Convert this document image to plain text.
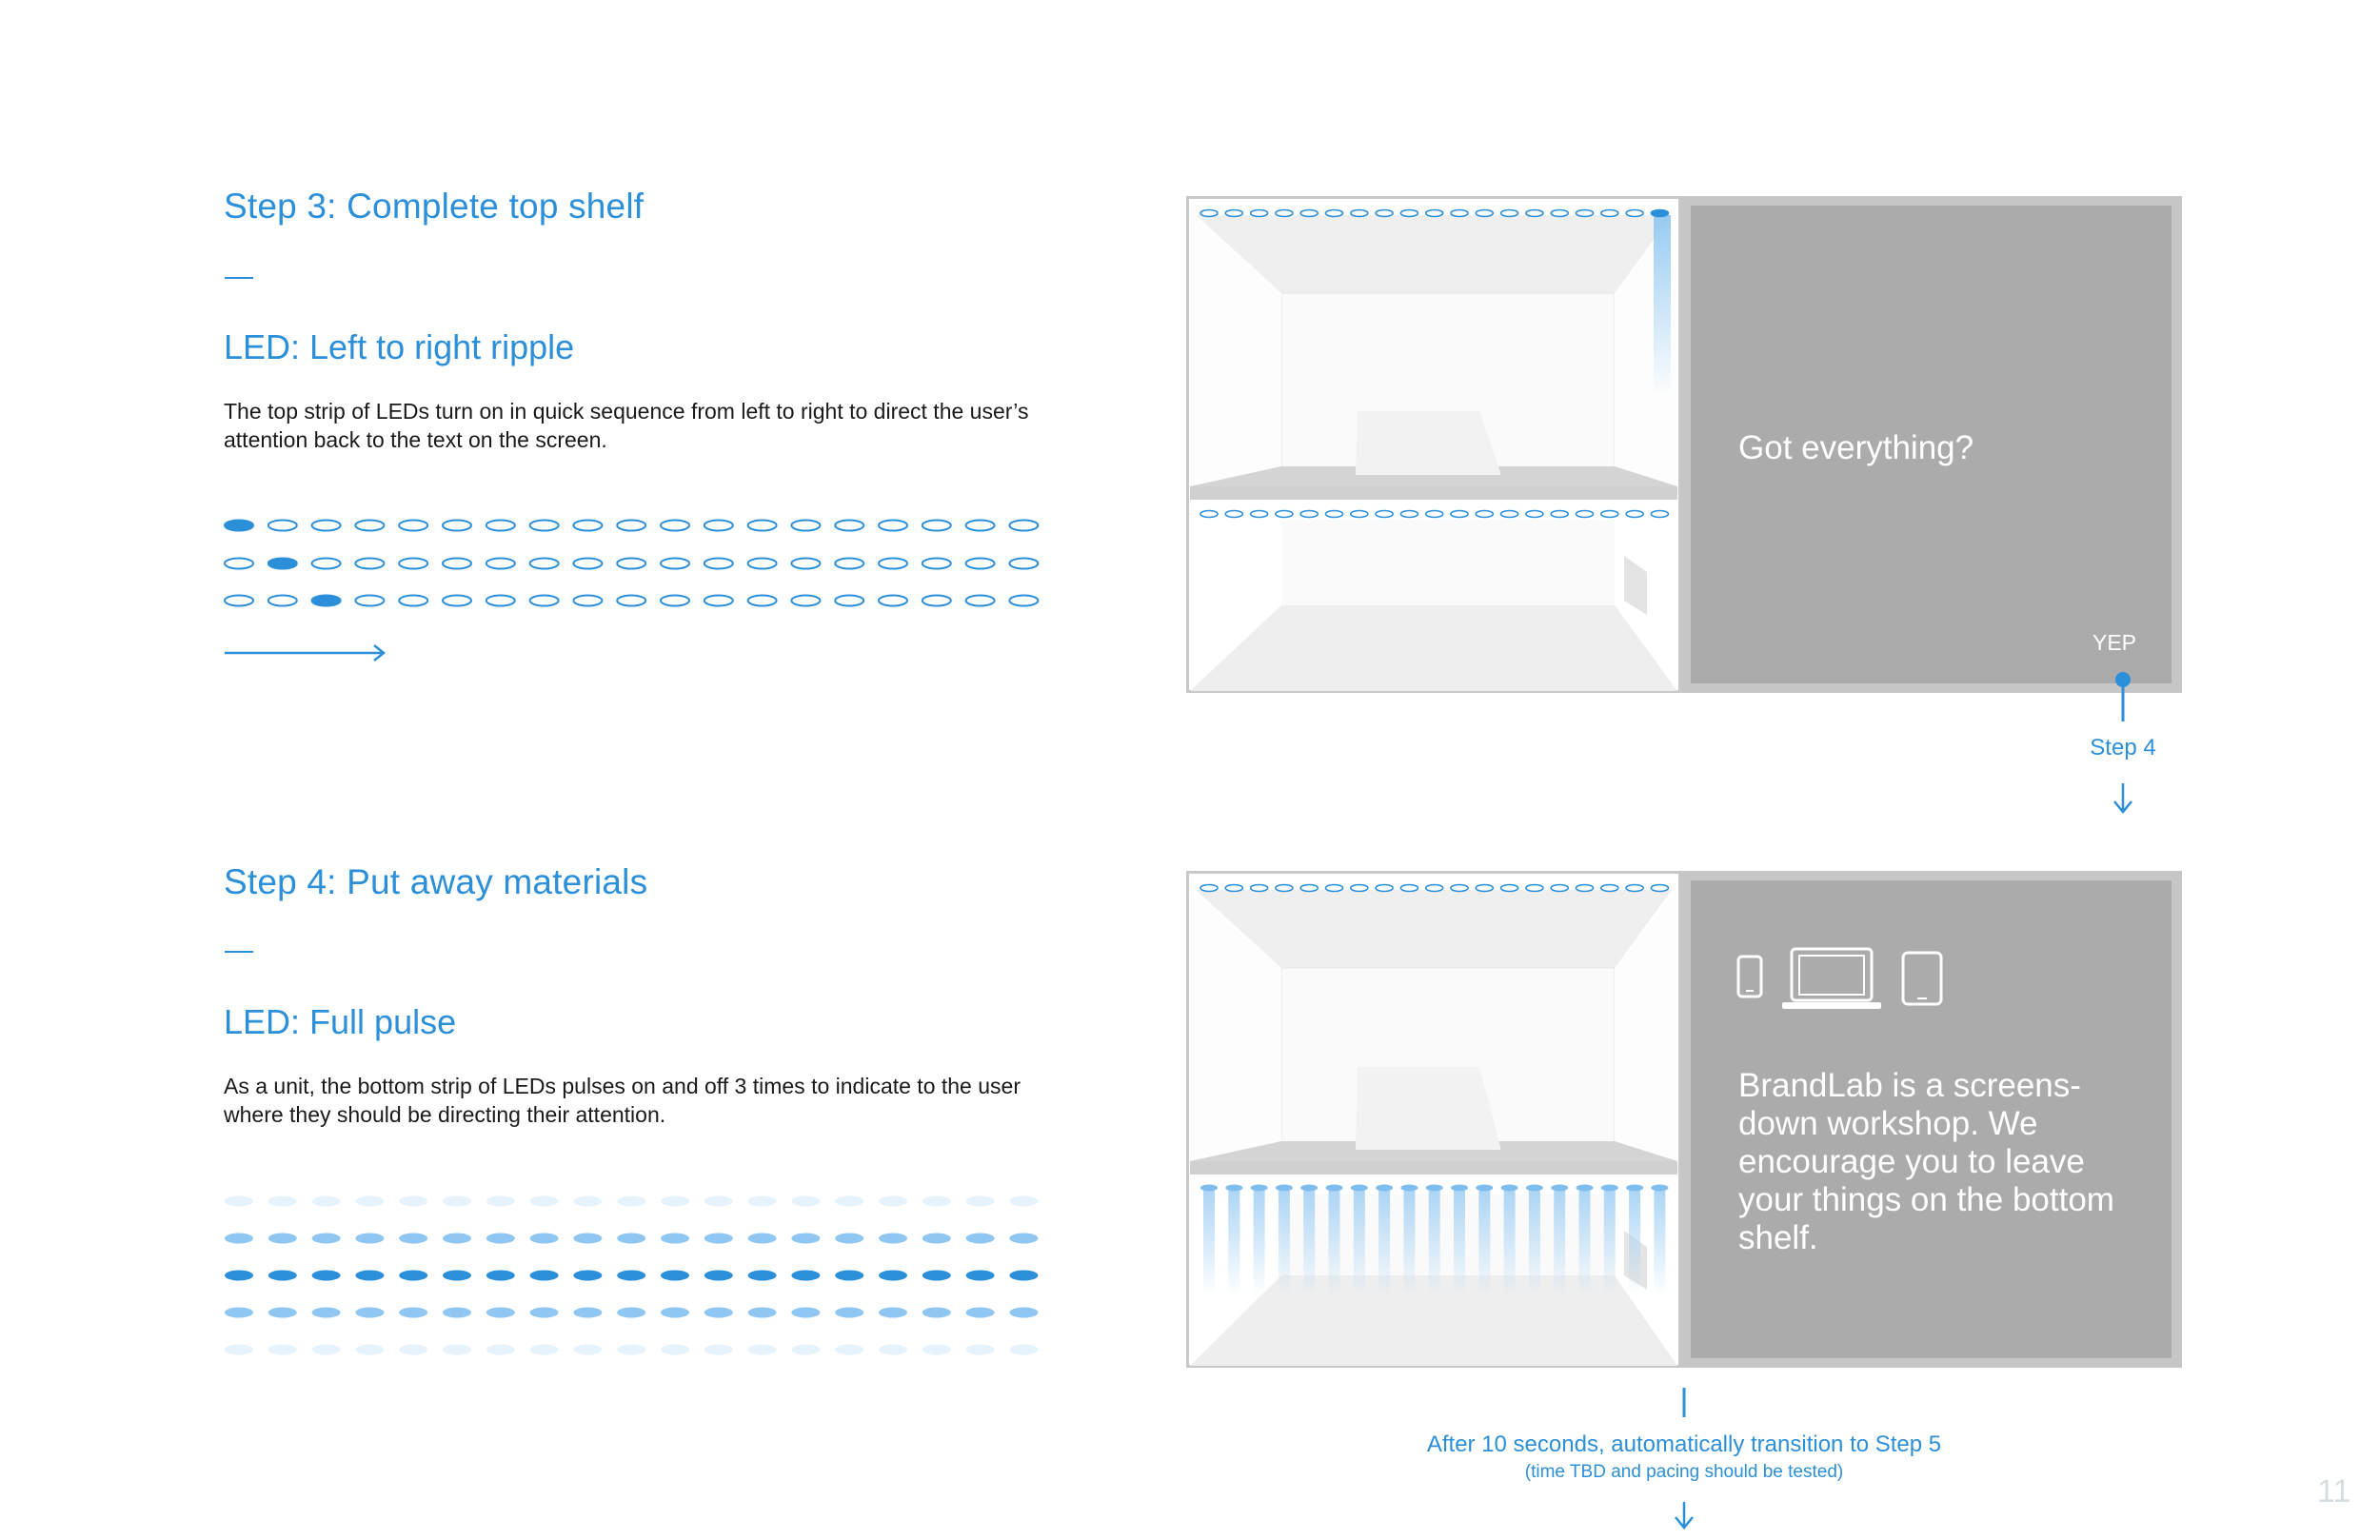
Step 3: Complete top shelf
LED: Left to right ripple
The top strip of LEDs turn on in quick sequence from left to right to direct the user’s attention back to the text on the screen.
Step 4: Put away materials
LED: Full pulse
As a unit, the bottom strip of LEDs pulses on and off 3 times to indicate to the user where they should be directing their attention.
Got everything?
YEP
Step 4
BrandLab is a screens-down workshop. We encourage you to leave your things on the bottom shelf.
After 10 seconds, automatically transition to Step 5
(time TBD and pacing should be tested)
11
